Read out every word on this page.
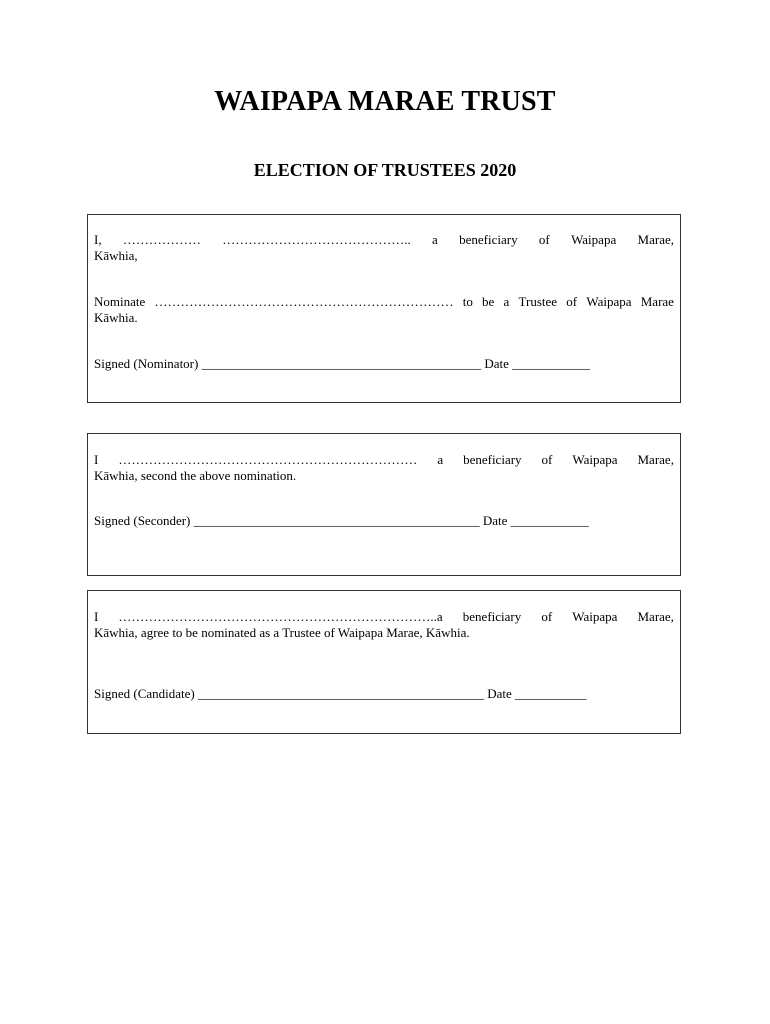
WAIPAPA MARAE TRUST
ELECTION OF TRUSTEES 2020
I, ……………… …………………………………….. a beneficiary of Waipapa Marae,
Kāwhia,
Nominate …………………………………………………………… to be a Trustee of Waipapa Marae
Kāwhia.
Signed (Nominator) ___________________________________________ Date ____________
I …………………………………………………………… a beneficiary of Waipapa Marae,
Kāwhia, second the above nomination.
Signed (Seconder) ____________________________________________ Date ____________
I ………………………………………………………………..a beneficiary of Waipapa Marae,
Kāwhia, agree to be nominated as a Trustee of Waipapa Marae, Kāwhia.
Signed (Candidate) ____________________________________________ Date ___________
